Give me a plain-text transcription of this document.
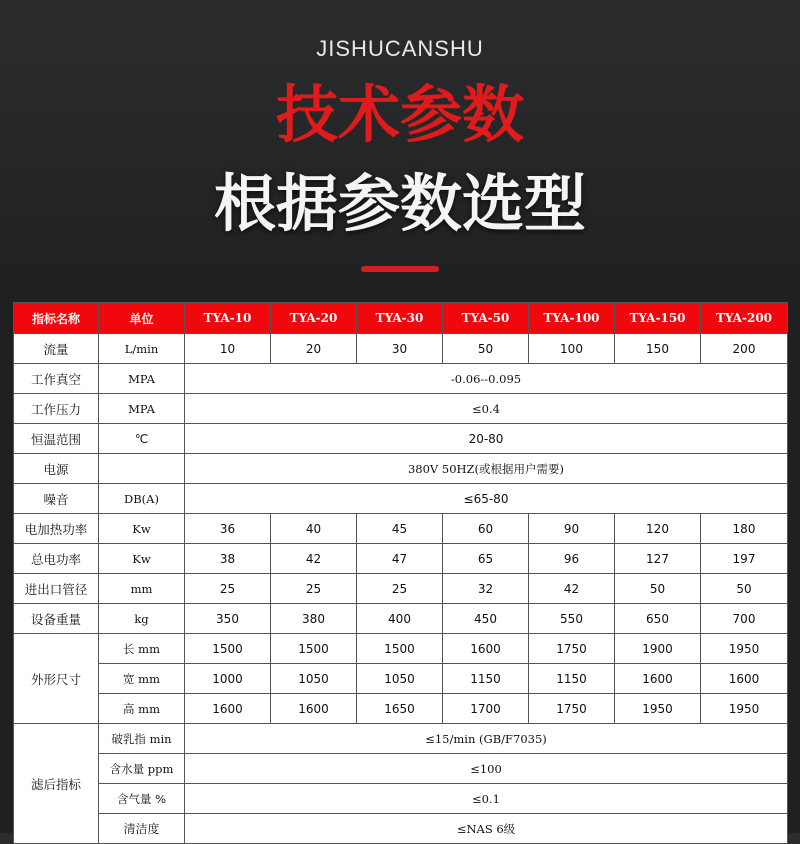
JISHUCANSHU
技术参数
根据参数选型
指标名称	单位	TYA-10	TYA-20	TYA-30	TYA-50	TYA-100	TYA-150	TYA-200
流量	L/min	10	20	30	50	100	150	200
工作真空	MPA	-0.06--0.095						
工作压力	MPA	≤0.4						
恒温范围	℃	20-80						
电源		380V 50HZ(或根据用户需要)						
噪音	DB(A)	≤65-80						
电加热功率	Kw	36	40	45	60	90	120	180
总电功率	Kw	38	42	47	65	96	127	197
进出口管径	mm	25	25	25	32	42	50	50
设备重量	kg	350	380	400	450	550	650	700
外形尺寸	长 mm	1500	1500	1500	1600	1750	1900	1950
	宽 mm	1000	1050	1050	1150	1150	1600	1600
	高 mm	1600	1600	1650	1700	1750	1950	1950
滤后指标	破乳指 min	≤15/min (GB/F7035)						
	含水量 ppm	≤100						
	含气量 %	≤0.1						
	清洁度	≤NAS 6级						
